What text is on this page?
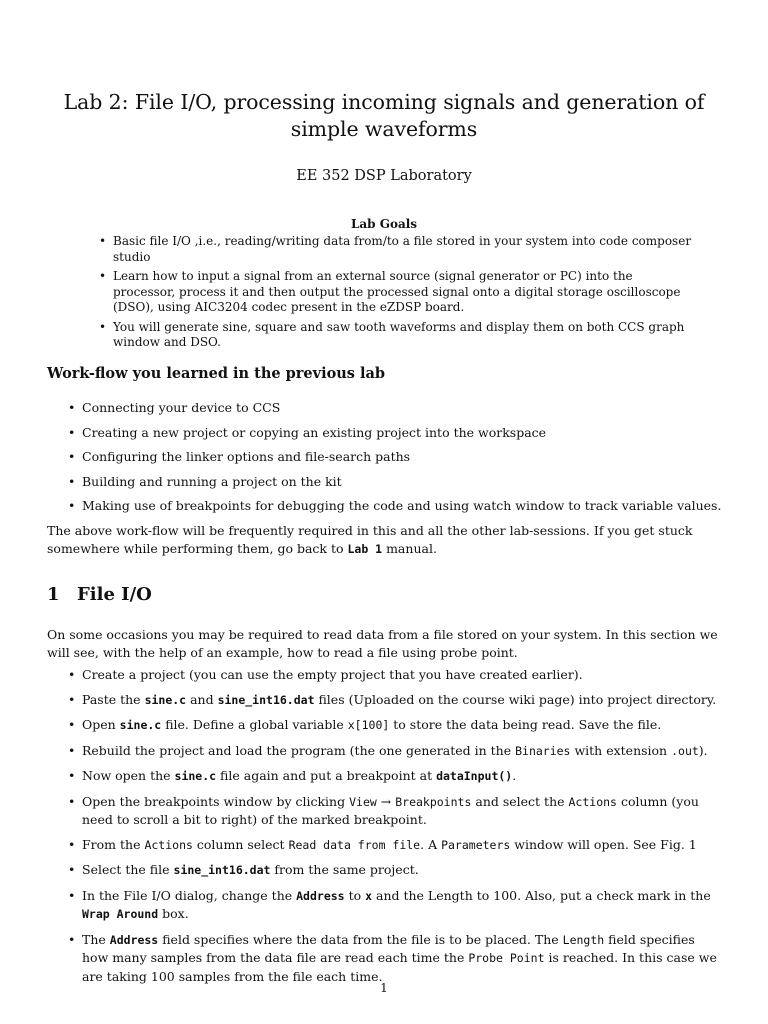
Lab 2: File I/O, processing incoming signals and generation of simple waveforms
EE 352 DSP Laboratory
Lab Goals
• Basic file I/O ,i.e., reading/writing data from/to a file stored in your system into code composer studio
• Learn how to input a signal from an external source (signal generator or PC) into the processor, process it and then output the processed signal onto a digital storage oscilloscope (DSO), using AIC3204 codec present in the eZDSP board.
• You will generate sine, square and saw tooth waveforms and display them on both CCS graph window and DSO.
Work-flow you learned in the previous lab
• Connecting your device to CCS
• Creating a new project or copying an existing project into the workspace
• Configuring the linker options and file-search paths
• Building and running a project on the kit
• Making use of breakpoints for debugging the code and using watch window to track variable values.
The above work-flow will be frequently required in this and all the other lab-sessions. If you get stuck somewhere while performing them, go back to Lab 1 manual.
1 File I/O
On some occasions you may be required to read data from a file stored on your system. In this section we will see, with the help of an example, how to read a file using probe point.
• Create a project (you can use the empty project that you have created earlier).
• Paste the sine.c and sine_int16.dat files (Uploaded on the course wiki page) into project directory.
• Open sine.c file. Define a global variable x[100] to store the data being read. Save the file.
• Rebuild the project and load the program (the one generated in the Binaries with extension .out).
• Now open the sine.c file again and put a breakpoint at dataInput().
• Open the breakpoints window by clicking View → Breakpoints and select the Actions column (you need to scroll a bit to right) of the marked breakpoint.
• From the Actions column select Read data from file. A Parameters window will open. See Fig. 1
• Select the file sine_int16.dat from the same project.
• In the File I/O dialog, change the Address to x and the Length to 100. Also, put a check mark in the Wrap Around box.
• The Address field specifies where the data from the file is to be placed. The Length field specifies how many samples from the data file are read each time the Probe Point is reached. In this case we are taking 100 samples from the file each time.
1
